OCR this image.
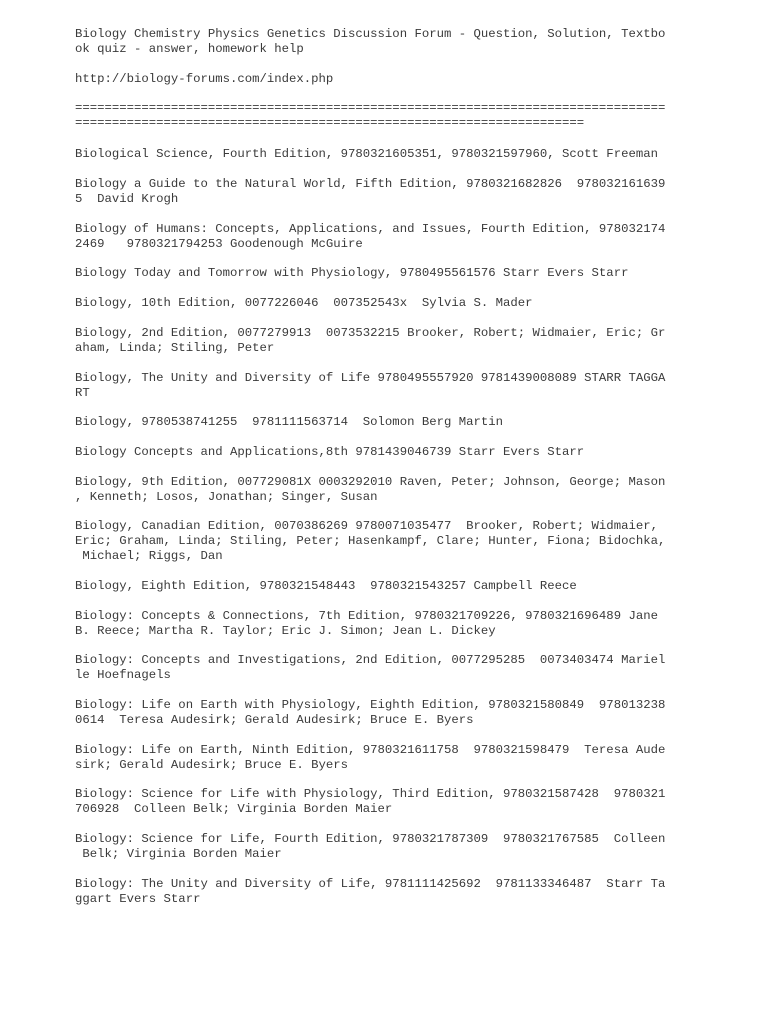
Biology Chemistry Physics Genetics Discussion Forum - Question, Solution, Textbo
ok quiz - answer, homework help
http://biology-forums.com/index.php
================================================================================
=====================================================================
Biological Science, Fourth Edition, 9780321605351, 9780321597960, Scott Freeman
Biology a Guide to the Natural World, Fifth Edition, 9780321682826  978032161639
5  David Krogh
Biology of Humans: Concepts, Applications, and Issues, Fourth Edition, 978032174
2469   9780321794253 Goodenough McGuire
Biology Today and Tomorrow with Physiology, 9780495561576 Starr Evers Starr
Biology, 10th Edition, 0077226046  007352543x  Sylvia S. Mader
Biology, 2nd Edition, 0077279913  0073532215 Brooker, Robert; Widmaier, Eric; Gr
aham, Linda; Stiling, Peter
Biology, The Unity and Diversity of Life 9780495557920 9781439008089 STARR TAGGA
RT
Biology, 9780538741255  9781111563714  Solomon Berg Martin
Biology Concepts and Applications,8th 9781439046739 Starr Evers Starr
Biology, 9th Edition, 007729081X 0003292010 Raven, Peter; Johnson, George; Mason
, Kenneth; Losos, Jonathan; Singer, Susan
Biology, Canadian Edition, 0070386269 9780071035477  Brooker, Robert; Widmaier,
Eric; Graham, Linda; Stiling, Peter; Hasenkampf, Clare; Hunter, Fiona; Bidochka,
Michael; Riggs, Dan
Biology, Eighth Edition, 9780321548443  9780321543257 Campbell Reece
Biology: Concepts & Connections, 7th Edition, 9780321709226, 9780321696489 Jane
B. Reece; Martha R. Taylor; Eric J. Simon; Jean L. Dickey
Biology: Concepts and Investigations, 2nd Edition, 0077295285  0073403474 Mariel
le Hoefnagels
Biology: Life on Earth with Physiology, Eighth Edition, 9780321580849  978013238
0614  Teresa Audesirk; Gerald Audesirk; Bruce E. Byers
Biology: Life on Earth, Ninth Edition, 9780321611758  9780321598479  Teresa Aude
sirk; Gerald Audesirk; Bruce E. Byers
Biology: Science for Life with Physiology, Third Edition, 9780321587428  9780321
706928  Colleen Belk; Virginia Borden Maier
Biology: Science for Life, Fourth Edition, 9780321787309  9780321767585  Colleen
Belk; Virginia Borden Maier
Biology: The Unity and Diversity of Life, 9781111425692  9781133346487  Starr Ta
ggart Evers Starr
